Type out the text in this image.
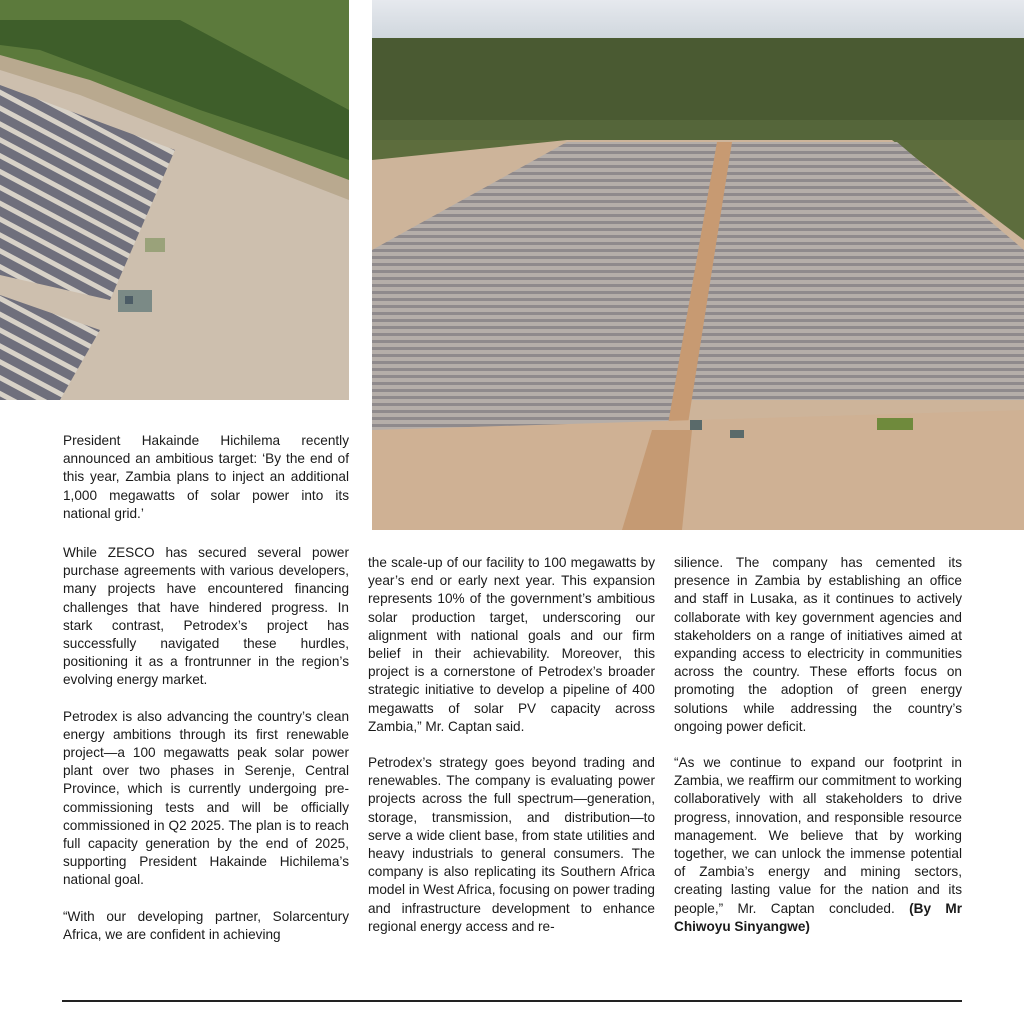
President Hakainde Hichilema recently announced an ambitious target: ‘By the end of this year, Zambia plans to inject an additional 1,000 megawatts of solar power into its national grid.’

While ZESCO has secured several power purchase agreements with various developers, many projects have encountered financing challenges that have hindered progress. In stark contrast, Petrodex’s project has successfully navigated these hurdles, positioning it as a frontrunner in the region’s evolving energy market.

Petrodex is also advancing the country’s clean energy ambitions through its first renewable project—a 100 megawatts peak solar power plant over two phases in Serenje, Central Province, which is currently undergoing pre-commissioning tests and will be officially commissioned in Q2 2025. The plan is to reach full capacity generation by the end of 2025, supporting President Hakainde Hichilema’s national goal.

“With our developing partner, Solarcentury Africa, we are confident in achieving

the scale-up of our facility to 100 megawatts by year’s end or early next year. This expansion represents 10% of the government’s ambitious solar production target, underscoring our alignment with national goals and our firm belief in their achievability. Moreover, this project is a cornerstone of Petrodex’s broader strategic initiative to develop a pipeline of 400 megawatts of solar PV capacity across Zambia,” Mr. Captan said.

Petrodex’s strategy goes beyond trading and renewables. The company is evaluating power projects across the full spectrum—generation, storage, transmission, and distribution—to serve a wide client base, from state utilities and heavy industrials to general consumers. The company is also replicating its Southern Africa model in West Africa, focusing on power trading and infrastructure development to enhance regional energy access and re-

silience. The company has cemented its presence in Zambia by establishing an office and staff in Lusaka, as it continues to actively collaborate with key government agencies and stakeholders on a range of initiatives aimed at expanding access to electricity in communities across the country. These efforts focus on promoting the adoption of green energy solutions while addressing the country’s ongoing power deficit.

“As we continue to expand our footprint in Zambia, we reaffirm our commitment to working collaboratively with all stakeholders to drive progress, innovation, and responsible resource management. We believe that by working together, we can unlock the immense potential of Zambia’s energy and mining sectors, creating lasting value for the nation and its people,” Mr. Captan concluded. (By Mr Chiwoyu Sinyangwe)
